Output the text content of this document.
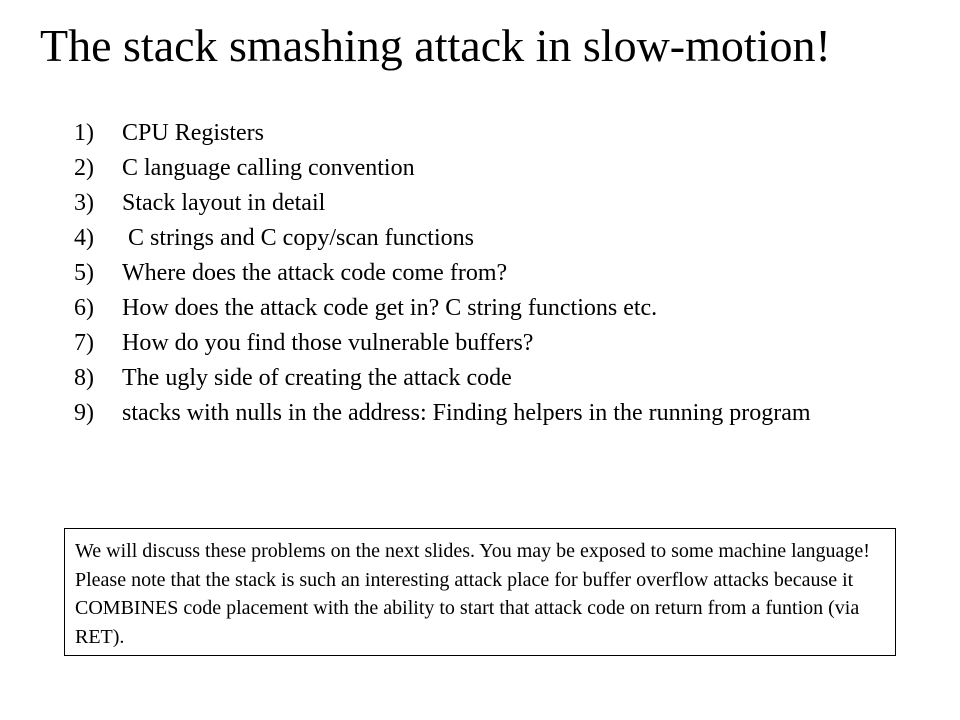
The stack smashing attack in slow-motion!
1)	CPU Registers
2)	C language calling convention
3)	Stack layout in detail
4)	C strings and C copy/scan functions
5)	Where does the attack code come from?
6)	How does the attack code get in? C string functions etc.
7)	How do you find those vulnerable buffers?
8)	The ugly side of creating the attack code
9)	stacks with nulls in the address: Finding helpers in the running program
We will discuss these problems on the next slides. You may be exposed to some machine language! Please note that the stack is such an interesting attack place for buffer overflow attacks because it COMBINES code placement with the ability to start that attack code on return from a funtion (via RET).
